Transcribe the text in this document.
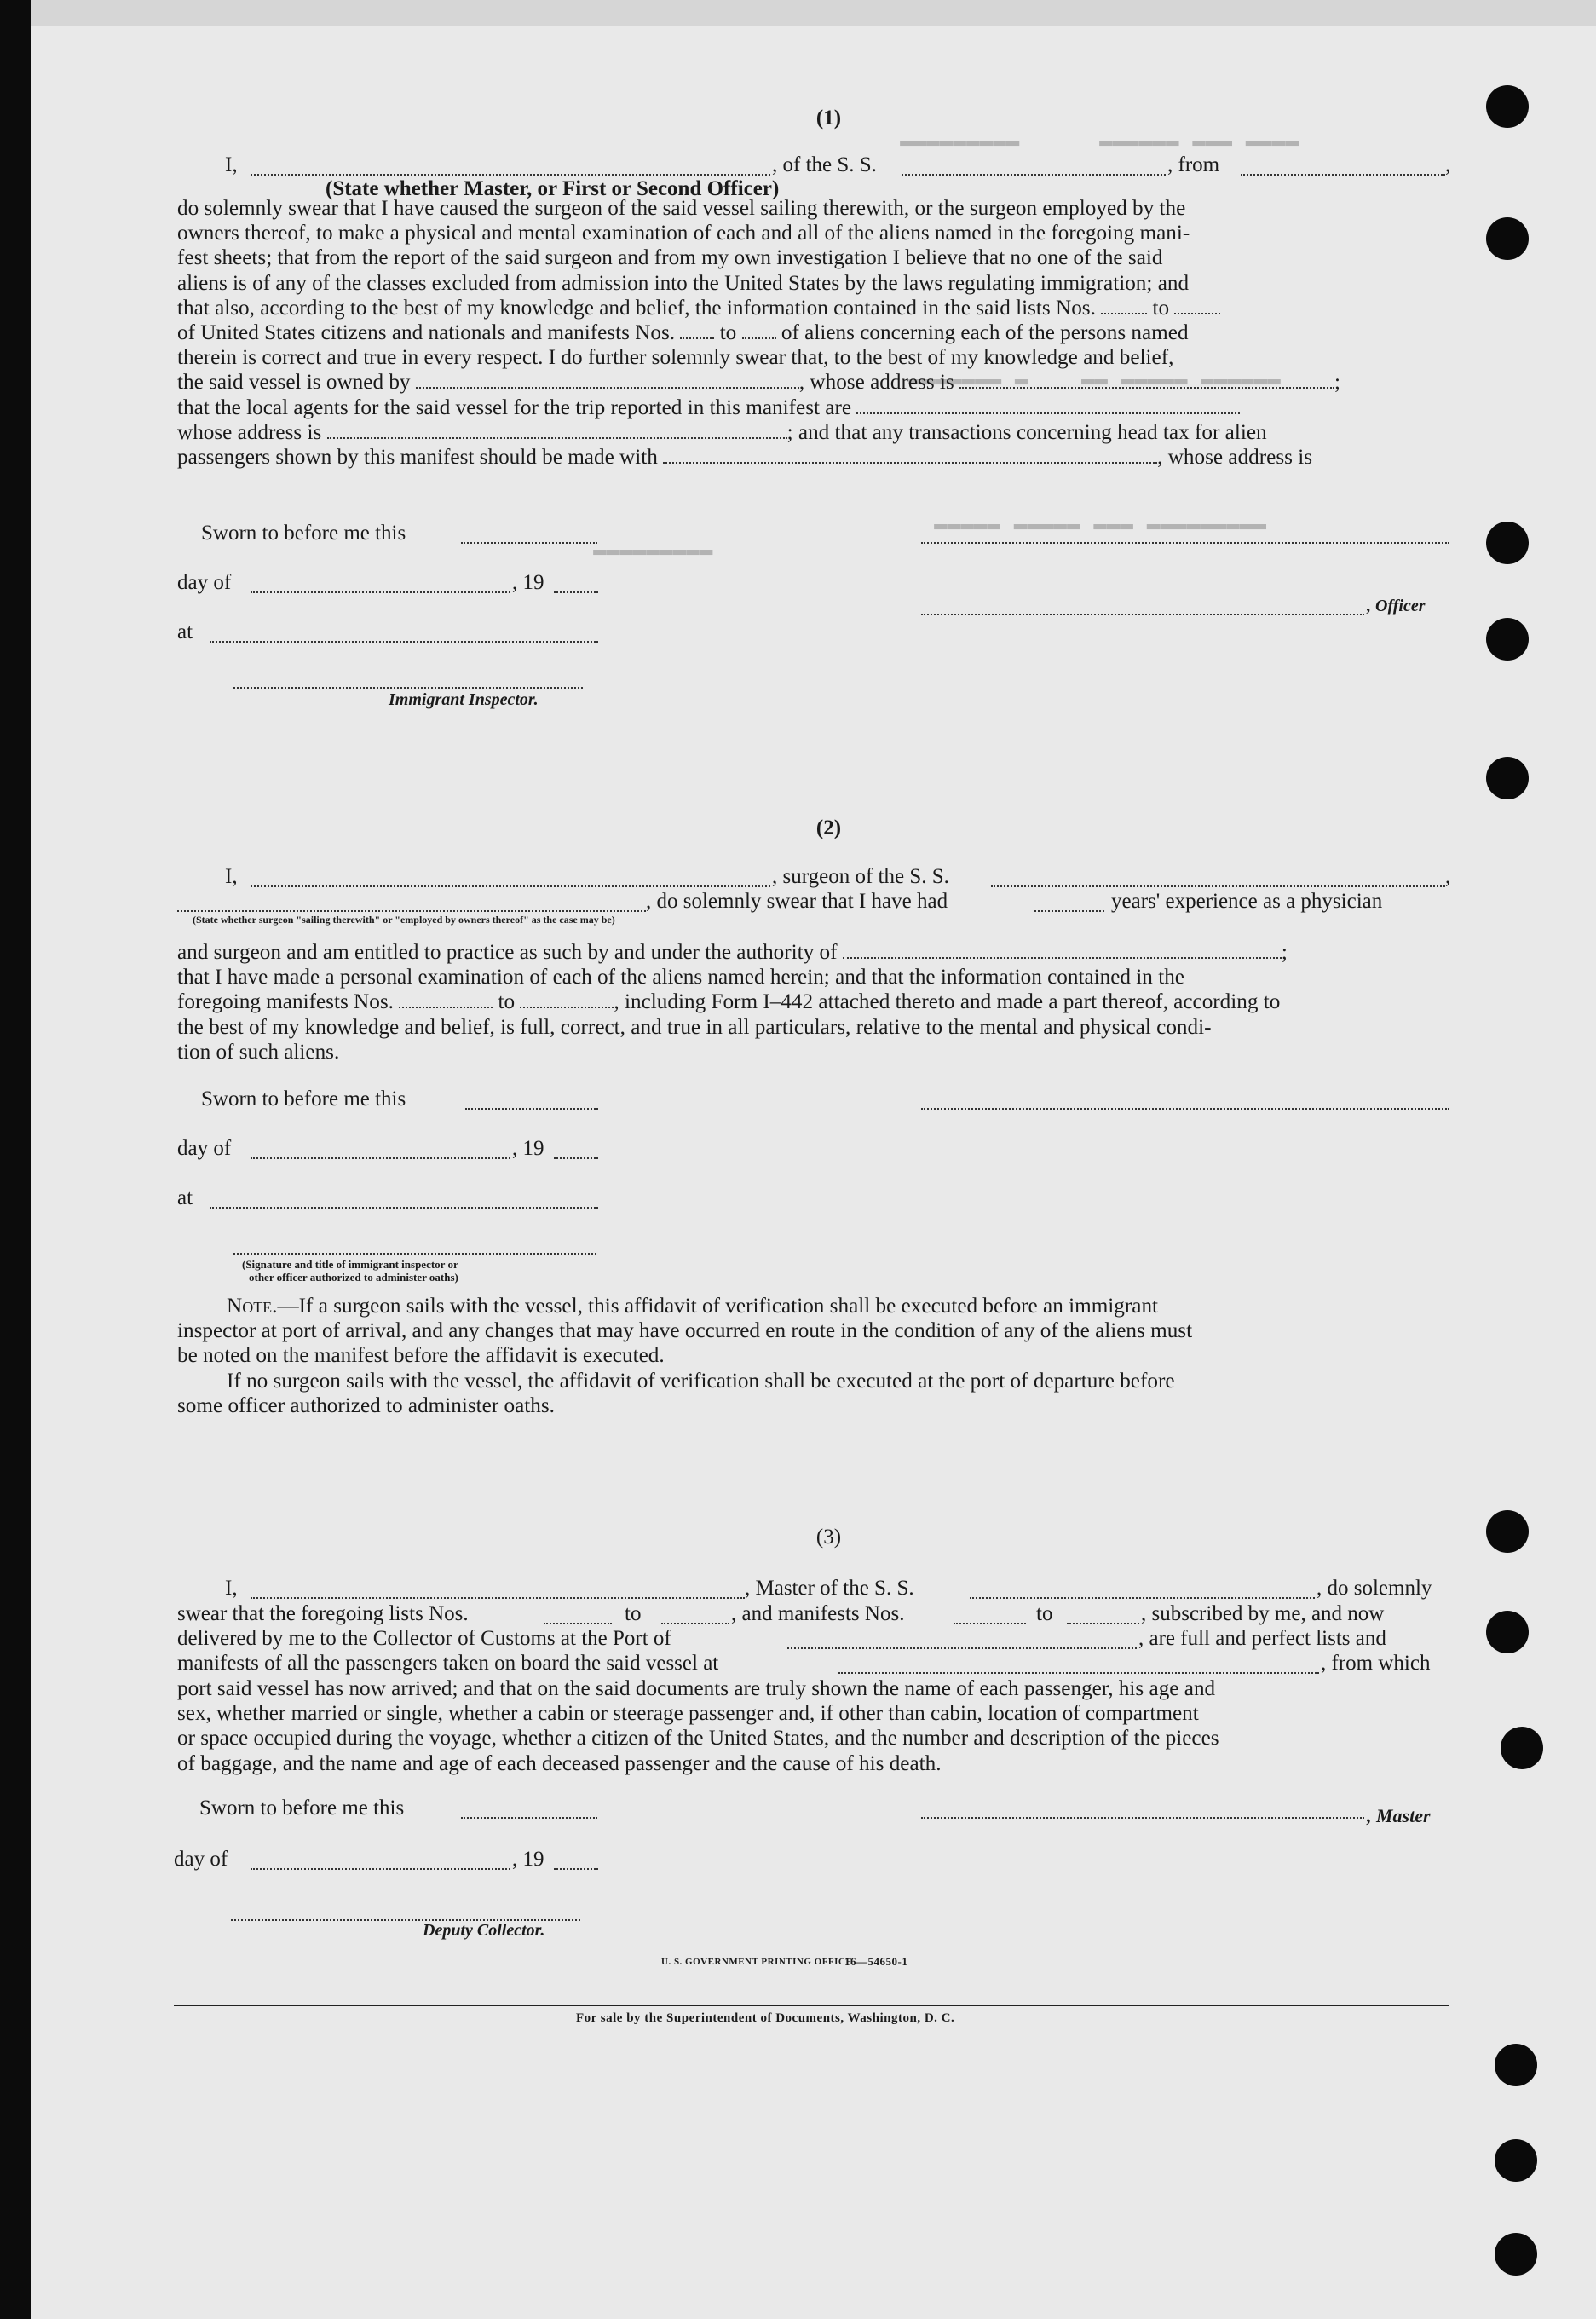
▬▬▬▬ ▬▬▬ ▬▬▬▬▬▬      ▬▬▬▬▬▬▬▬▬
▬▬▬▬▬▬ ▬▬▬▬▬ ▬▬    ▬ ▬▬▬▬▬▬▬
▬▬▬▬▬▬▬▬▬ ▬▬▬ ▬▬▬▬▬ ▬▬▬▬▬
▬▬▬▬▬▬▬▬▬
(1)
I,	, of the S. S.	, from	,
(State whether Master, or First or Second Officer)
do solemnly swear that I have caused the surgeon of the said vessel sailing therewith, or the surgeon employed by the
owners thereof, to make a physical and mental examination of each and all of the aliens named in the foregoing mani-
fest sheets; that from the report of the said surgeon and from my own investigation I believe that no one of the said
aliens is of any of the classes excluded from admission into the United States by the laws regulating immigration; and
that also, according to the best of my knowledge and belief, the information contained in the said lists Nos.	to
of United States citizens and nationals and manifests Nos. to of aliens concerning each of the persons named
therein is correct and true in every respect. I do further solemnly swear that, to the best of my knowledge and belief,
the said vessel is owned by	, whose address is	;
that the local agents for the said vessel for the trip reported in this manifest are
whose address is	; and that any transactions concerning head tax for alien
passengers shown by this manifest should be made with	, whose address is
Sworn to before me this
day of	, 19
, Officer
at
Immigrant Inspector.
(2)
I,	, surgeon of the S. S.	,
, do solemnly swear that I have had	years' experience as a physician
(State whether surgeon "sailing therewith" or "employed by owners thereof" as the case may be)
and surgeon and am entitled to practice as such by and under the authority of	;
that I have made a personal examination of each of the aliens named herein; and that the information contained in the
foregoing manifests Nos.	to	, including Form I–442 attached thereto and made a part thereof, according to
the best of my knowledge and belief, is full, correct, and true in all particulars, relative to the mental and physical condi-
tion of such aliens.
Sworn to before me this
day of	, 19
at
(Signature and title of immigrant inspector or
other officer authorized to administer oaths)
Note.—If a surgeon sails with the vessel, this affidavit of verification shall be executed before an immigrant
inspector at port of arrival, and any changes that may have occurred en route in the condition of any of the aliens must
be noted on the manifest before the affidavit is executed.
If no surgeon sails with the vessel, the affidavit of verification shall be executed at the port of departure before
some officer authorized to administer oaths.
(3)
I,	, Master of the S. S.	, do solemnly
swear that the foregoing lists Nos.	to	, and manifests Nos.	to	, subscribed by me, and now
delivered by me to the Collector of Customs at the Port of	, are full and perfect lists and
manifests of all the passengers taken on board the said vessel at	, from which
port said vessel has now arrived; and that on the said documents are truly shown the name of each passenger, his age and
sex, whether married or single, whether a cabin or steerage passenger and, if other than cabin, location of compartment
or space occupied during the voyage, whether a citizen of the United States, and the number and description of the pieces
of baggage, and the name and age of each deceased passenger and the cause of his death.
Sworn to before me this	, Master
day of	, 19
Deputy Collector.
U. S. GOVERNMENT PRINTING OFFICE
16—54650-1
For sale by the Superintendent of Documents, Washington, D. C.
